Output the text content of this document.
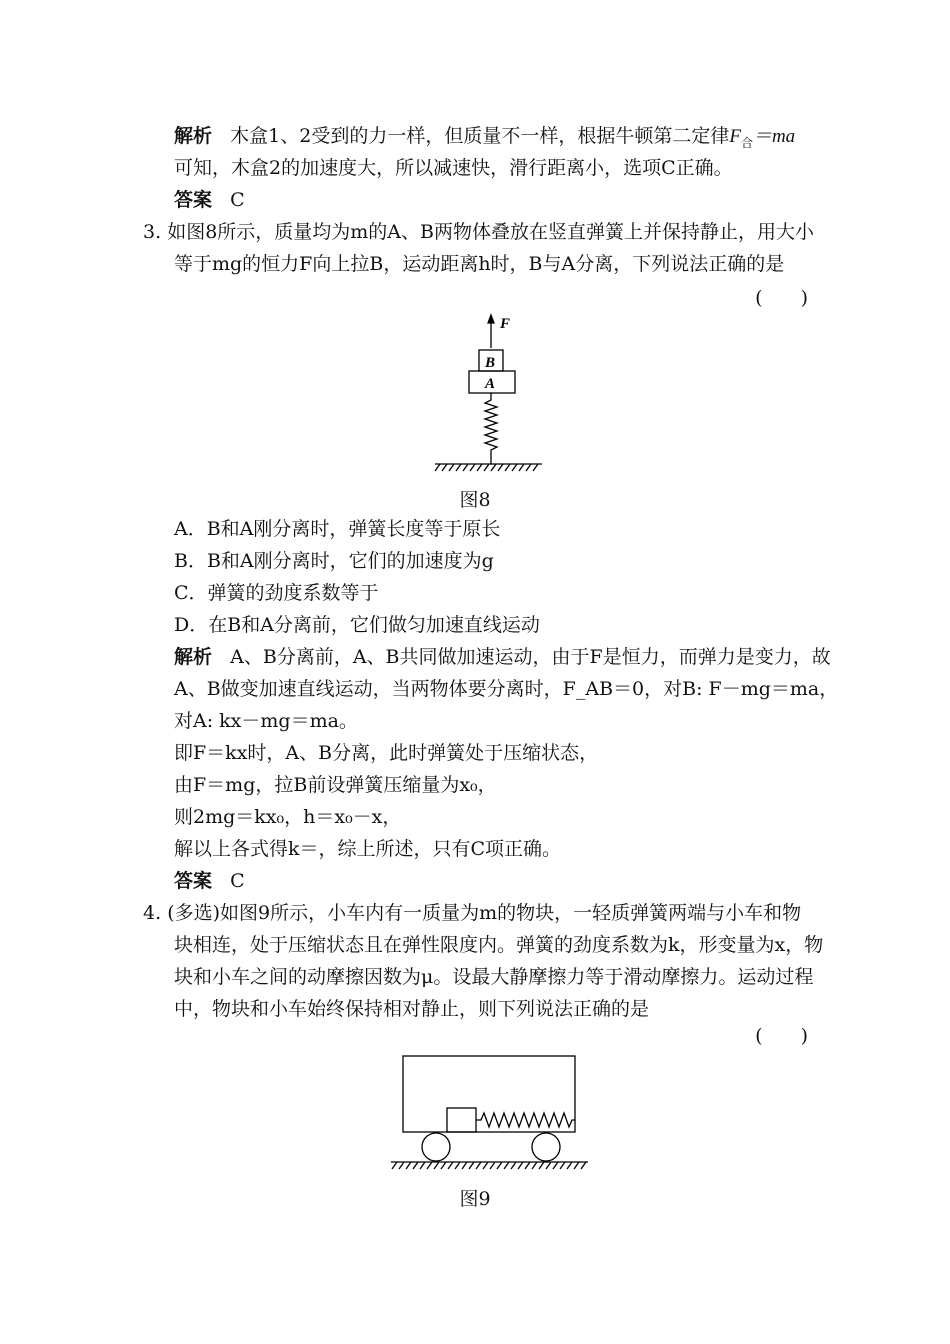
解析 木盒1、2受到的力一样，但质量不一样，根据牛顿第二定律$F_合=ma$
可知，木盒2的加速度大，所以减速快，滑行距离小，选项C正确。
答案 C
3. 如图8所示，质量均为m的A、B两物体叠放在竖直弹簧上并保持静止，用大小
等于mg的恒力F向上拉B，运动距离h时，B与A分离，下列说法正确的是
(　　)
F
B
A
图8
A．B和A刚分离时，弹簧长度等于原长
B．B和A刚分离时，它们的加速度为g
C．弹簧的劲度系数等于
D．在B和A分离前，它们做匀加速直线运动
解析 A、B分离前，A、B共同做加速运动，由于F是恒力，而弹力是变力，故
A、B做变加速直线运动，当两物体要分离时，F_AB＝0，对B: F－mg＝ma，
对A: kx－mg＝ma。
即F＝kx时，A、B分离，此时弹簧处于压缩状态，
由F＝mg，拉B前设弹簧压缩量为x₀，
则2mg＝kx₀，h＝x₀－x，
解以上各式得k＝，综上所述，只有C项正确。
答案 C
4. (多选)如图9所示，小车内有一质量为m的物块，一轻质弹簧两端与小车和物
块相连，处于压缩状态且在弹性限度内。弹簧的劲度系数为k，形变量为x，物
块和小车之间的动摩擦因数为μ。设最大静摩擦力等于滑动摩擦力。运动过程
中，物块和小车始终保持相对静止，则下列说法正确的是
(　　)
图9
